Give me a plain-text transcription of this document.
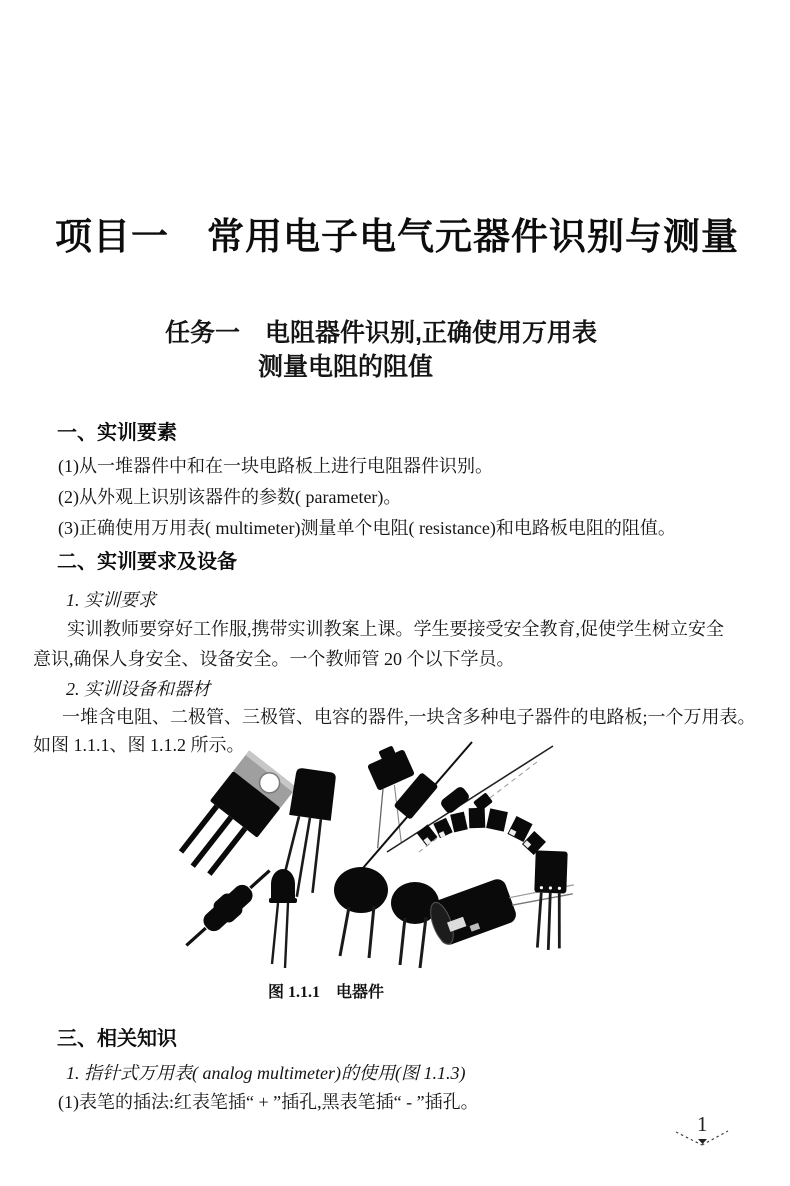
项目一　常用电子电气元器件识别与测量
任务一　电阻器件识别,正确使用万用表
测量电阻的阻值
一、实训要素
(1)从一堆器件中和在一块电路板上进行电阻器件识别。
(2)从外观上识别该器件的参数( parameter)。
(3)正确使用万用表( multimeter)测量单个电阻( resistance)和电路板电阻的阻值。
二、实训要求及设备
1. 实训要求
实训教师要穿好工作服,携带实训教案上课。学生要接受安全教育,促使学生树立安全
意识,确保人身安全、设备安全。一个教师管 20 个以下学员。
2. 实训设备和器材
一堆含电阻、二极管、三极管、电容的器件,一块含多种电子器件的电路板;一个万用表。
如图 1.1.1、图 1.1.2 所示。
图 1.1.1　电器件
三、相关知识
1. 指针式万用表( analog multimeter)的使用(图 1.1.3)
(1)表笔的插法:红表笔插“ + ”插孔,黑表笔插“ - ”插孔。
1
